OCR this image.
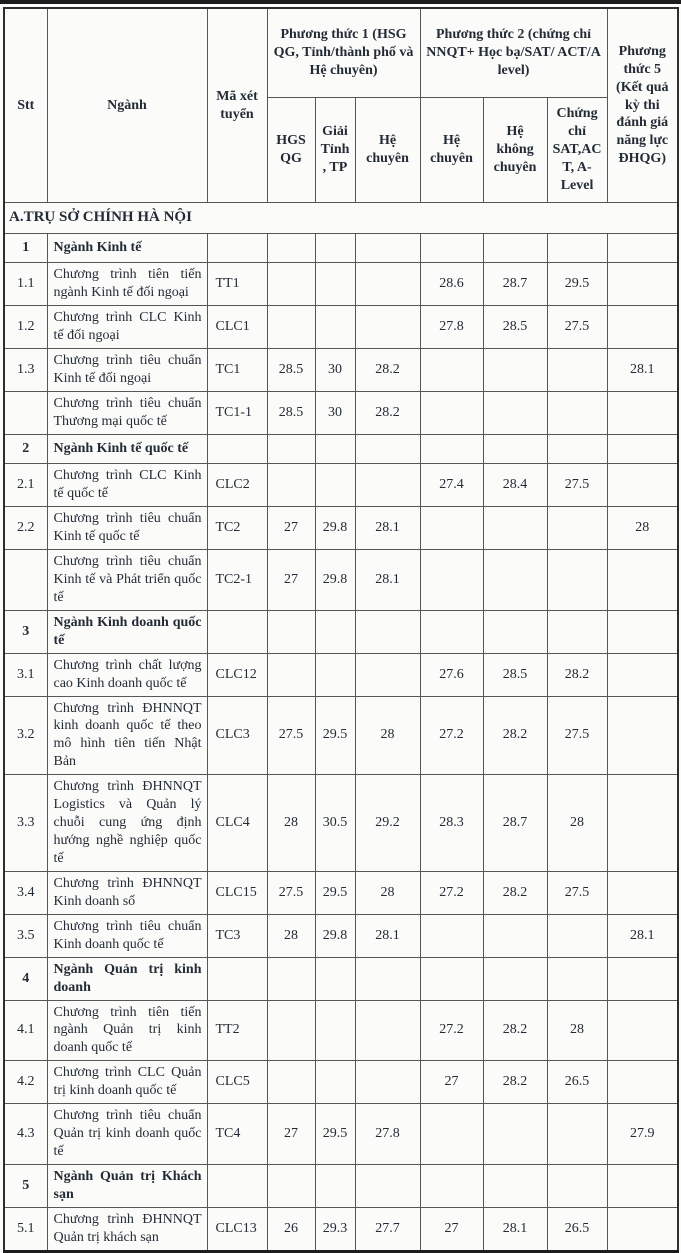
Stt	Ngành	Mã xét tuyển	Phương thức 1 (HSG QG, Tỉnh/thành phố và Hệ chuyên)			Phương thức 2 (chứng chỉ NNQT+ Học bạ/SAT/ ACT/A level)			Phương thức 5 (Kết quả kỳ thi đánh giá năng lực ĐHQG)
			HGS QG	Giải Tỉnh , TP	Hệ chuyên	Hệ chuyên	Hệ không chuyên	Chứng chỉ SAT,ACT, A-Level	
A.TRỤ SỞ CHÍNH HÀ NỘI									
1	Ngành Kinh tế								
1.1	Chương trình tiên tiến ngành Kinh tế đối ngoại	TT1				28.6	28.7	29.5	
1.2	Chương trình CLC Kinh tế đối ngoại	CLC1				27.8	28.5	27.5	
1.3	Chương trình tiêu chuẩn Kinh tế đối ngoại	TC1	28.5	30	28.2				28.1
	Chương trình tiêu chuẩn Thương mại quốc tế	TC1-1	28.5	30	28.2				
2	Ngành Kinh tế quốc tế								
2.1	Chương trình CLC Kinh tế quốc tế	CLC2				27.4	28.4	27.5	
2.2	Chương trình tiêu chuẩn Kinh tế quốc tế	TC2	27	29.8	28.1				28
	Chương trình tiêu chuẩn Kinh tế và Phát triển quốc tế	TC2-1	27	29.8	28.1				
3	Ngành Kinh doanh quốc tế								
3.1	Chương trình chất lượng cao Kinh doanh quốc tế	CLC12				27.6	28.5	28.2	
3.2	Chương trình ĐHNNQT kinh doanh quốc tế theo mô hình tiên tiến Nhật Bản	CLC3	27.5	29.5	28	27.2	28.2	27.5	
3.3	Chương trình ĐHNNQT Logistics và Quản lý chuỗi cung ứng định hướng nghề nghiệp quốc tế	CLC4	28	30.5	29.2	28.3	28.7	28	
3.4	Chương trình ĐHNNQT Kinh doanh số	CLC15	27.5	29.5	28	27.2	28.2	27.5	
3.5	Chương trình tiêu chuẩn Kinh doanh quốc tế	TC3	28	29.8	28.1				28.1
4	Ngành Quản trị kinh doanh								
4.1	Chương trình tiên tiến ngành Quản trị kinh doanh quốc tế	TT2				27.2	28.2	28	
4.2	Chương trình CLC Quản trị kinh doanh quốc tế	CLC5				27	28.2	26.5	
4.3	Chương trình tiêu chuẩn Quản trị kinh doanh quốc tế	TC4	27	29.5	27.8				27.9
5	Ngành Quản trị Khách sạn								
5.1	Chương trình ĐHNNQT Quản trị khách sạn	CLC13	26	29.3	27.7	27	28.1	26.5	
